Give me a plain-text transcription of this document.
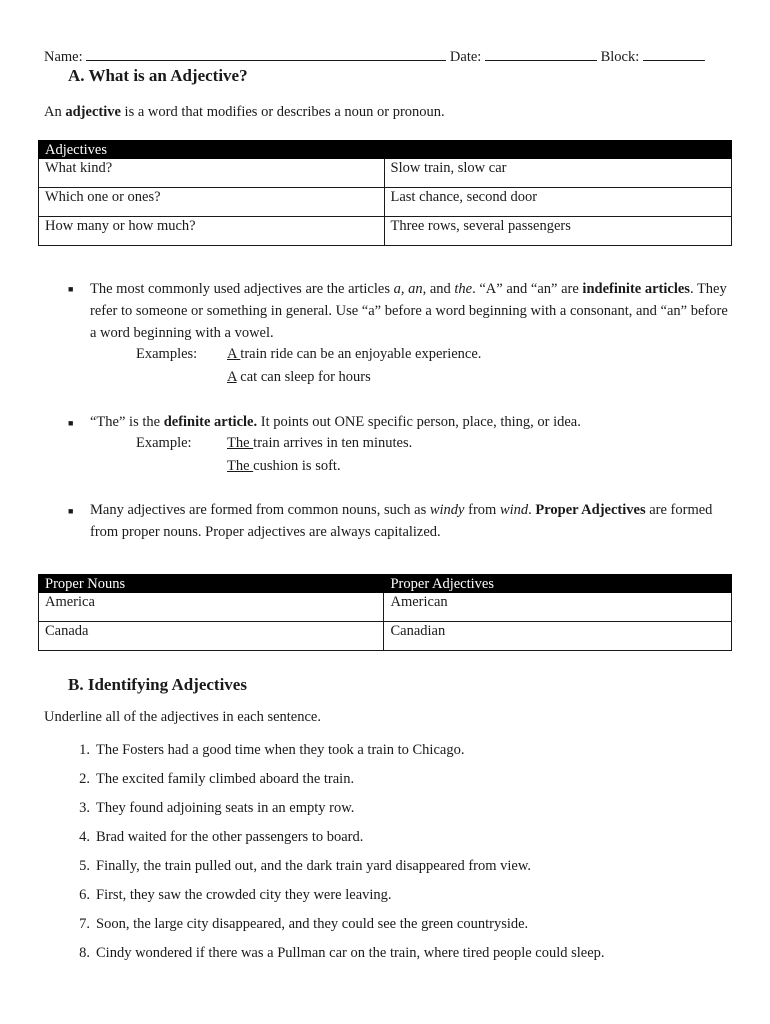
Name:	Date:	Block:
A. What is an Adjective?
An adjective is a word that modifies or describes a noun or pronoun.
Adjectives	
What kind?	Slow train, slow car
Which one or ones?	Last chance, second door
How many or how much?	Three rows, several passengers
■ The most commonly used adjectives are the articles a, an, and the. “A” and “an” are indefinite articles. They refer to someone or something in general. Use “a” before a word beginning with a consonant, and “an” before a word beginning with a vowel.
Examples: A train ride can be an enjoyable experience.
A cat can sleep for hours
■ “The” is the definite article. It points out ONE specific person, place, thing, or idea.
Example: The train arrives in ten minutes.
The cushion is soft.
■ Many adjectives are formed from common nouns, such as windy from wind. Proper Adjectives are formed from proper nouns. Proper adjectives are always capitalized.
Proper Nouns	Proper Adjectives
America	American
Canada	Canadian
B. Identifying Adjectives
Underline all of the adjectives in each sentence.
1. The Fosters had a good time when they took a train to Chicago.
2. The excited family climbed aboard the train.
3. They found adjoining seats in an empty row.
4. Brad waited for the other passengers to board.
5. Finally, the train pulled out, and the dark train yard disappeared from view.
6. First, they saw the crowded city they were leaving.
7. Soon, the large city disappeared, and they could see the green countryside.
8. Cindy wondered if there was a Pullman car on the train, where tired people could sleep.
